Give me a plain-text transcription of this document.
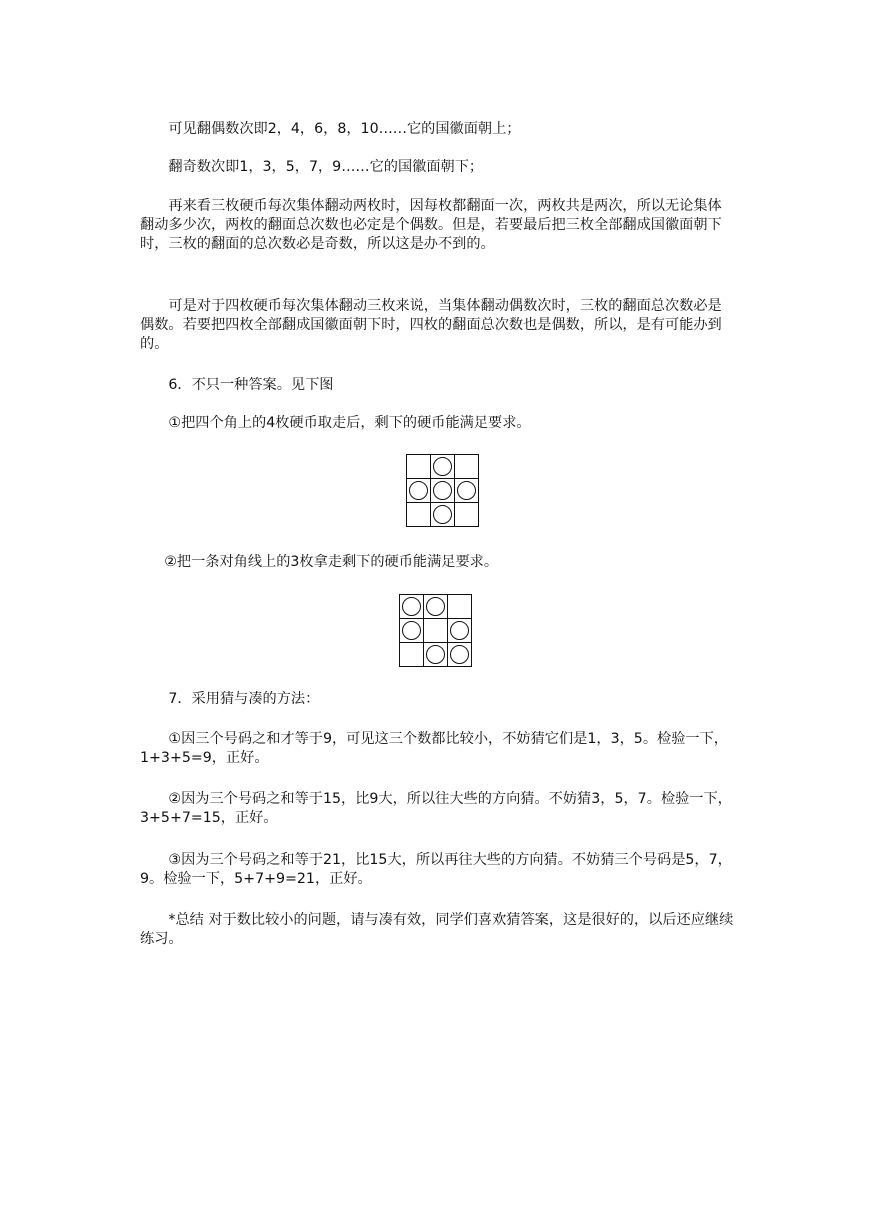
　　可见翻偶数次即2，4，6，8，10……它的国徽面朝上；

　　翻奇数次即1，3，5，7，9……它的国徽面朝下；

　　再来看三枚硬币每次集体翻动两枚时，因每枚都翻面一次，两枚共是两次，所以无论集体翻动多少次，两枚的翻面总次数也必定是个偶数。但是，若要最后把三枚全部翻成国徽面朝下时，三枚的翻面的总次数必是奇数，所以这是办不到的。

　　可是对于四枚硬币每次集体翻动三枚来说，当集体翻动偶数次时，三枚的翻面总次数必是偶数。若要把四枚全部翻成国徽面朝下时，四枚的翻面总次数也是偶数，所以，是有可能办到的。

　　6．不只一种答案。见下图

　　①把四个角上的4枚硬币取走后，剩下的硬币能满足要求。

　②把一条对角线上的3枚拿走剩下的硬币能满足要求。

　　7．采用猜与凑的方法：

　　①因三个号码之和才等于9，可见这三个数都比较小，不妨猜它们是1，3，5。检验一下，1+3+5=9，正好。

　　②因为三个号码之和等于15，比9大，所以往大些的方向猜。不妨猜3，5，7。检验一下，3+5+7=15，正好。

　　③因为三个号码之和等于21，比15大，所以再往大些的方向猜。不妨猜三个号码是5，7，9。检验一下，5+7+9=21，正好。

　　*总结 对于数比较小的问题，请与凑有效，同学们喜欢猜答案，这是很好的，以后还应继续练习。
